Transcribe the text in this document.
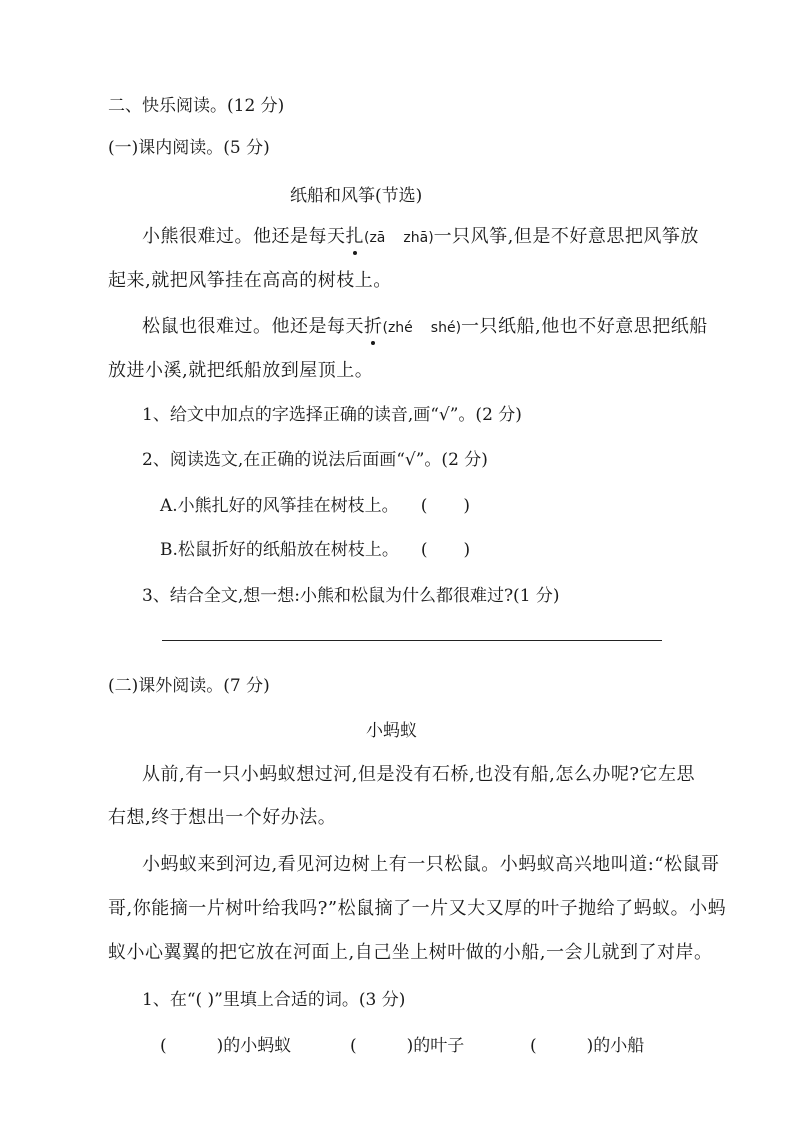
二、快乐阅读。(12 分)
(一)课内阅读。(5 分)
纸船和风筝(节选)
小熊很难过。他还是每天扎(zā zhā)一只风筝,但是不好意思把风筝放
起来,就把风筝挂在高高的树枝上。
松鼠也很难过。他还是每天折(zhé shé)一只纸船,他也不好意思把纸船
放进小溪,就把纸船放到屋顶上。
1、给文中加点的字选择正确的读音,画“√”。(2 分)
2、阅读选文,在正确的说法后面画“√”。(2 分)
A.小熊扎好的风筝挂在树枝上。 ( )
B.松鼠折好的纸船放在树枝上。 ( )
3、结合全文,想一想:小熊和松鼠为什么都很难过?(1 分)
(二)课外阅读。(7 分)
小蚂蚁
从前,有一只小蚂蚁想过河,但是没有石桥,也没有船,怎么办呢?它左思
右想,终于想出一个好办法。
小蚂蚁来到河边,看见河边树上有一只松鼠。小蚂蚁高兴地叫道:“松鼠哥
哥,你能摘一片树叶给我吗?”松鼠摘了一片又大又厚的叶子抛给了蚂蚁。小蚂
蚁小心翼翼的把它放在河面上,自己坐上树叶做的小船,一会儿就到了对岸。
1、在“( )”里填上合适的词。(3 分)
(	)的小蚂蚁	(	)的叶子	(	)的小船
